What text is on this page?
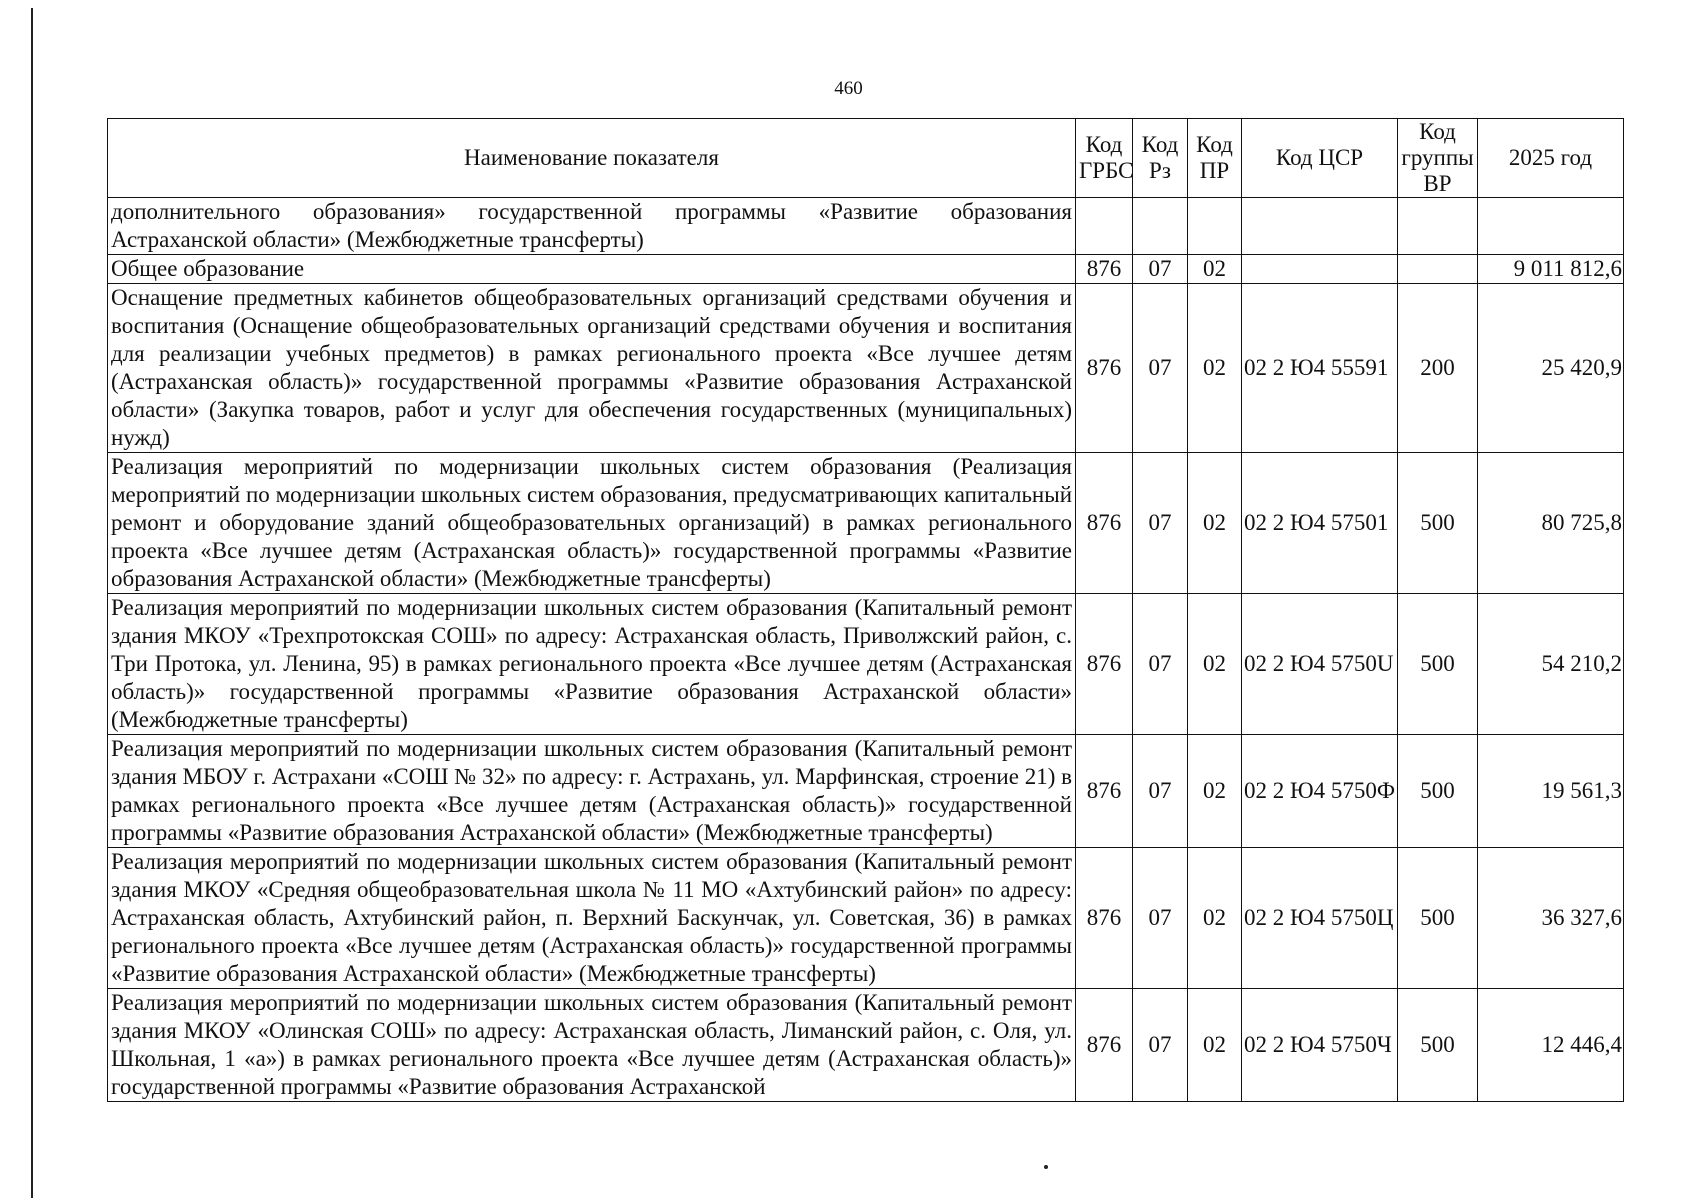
460
Наименование показателя	Код ГРБС	Код Рз	Код ПР	Код ЦСР	Код группы ВР	2025 год
дополнительного образования» государственной программы «Развитие образования Астраханской области» (Межбюджетные трансферты)						
Общее образование	876	07	02			9 011 812,6
Оснащение предметных кабинетов общеобразовательных организаций средствами обучения и воспитания (Оснащение общеобразовательных организаций средствами обучения и воспитания для реализации учебных предметов) в рамках регионального проекта «Все лучшее детям (Астраханская область)» государственной программы «Развитие образования Астраханской области» (Закупка товаров, работ и услуг для обеспечения государственных (муниципальных) нужд)	876	07	02	02 2 Ю4 55591	200	25 420,9
Реализация мероприятий по модернизации школьных систем образования (Реализация мероприятий по модернизации школьных систем образования, предусматривающих капитальный ремонт и оборудование зданий общеобразовательных организаций) в рамках регионального проекта «Все лучшее детям (Астраханская область)» государственной программы «Развитие образования Астраханской области» (Межбюджетные трансферты)	876	07	02	02 2 Ю4 57501	500	80 725,8
Реализация мероприятий по модернизации школьных систем образования (Капитальный ремонт здания МКОУ «Трехпротокская СОШ» по адресу: Астраханская область, Приволжский район, с. Три Протока, ул. Ленина, 95) в рамках регионального проекта «Все лучшее детям (Астраханская область)» государственной программы «Развитие образования Астраханской области» (Межбюджетные трансферты)	876	07	02	02 2 Ю4 5750U	500	54 210,2
Реализация мероприятий по модернизации школьных систем образования (Капитальный ремонт здания МБОУ г. Астрахани «СОШ № 32» по адресу: г. Астрахань, ул. Марфинская, строение 21) в рамках регионального проекта «Все лучшее детям (Астраханская область)» государственной программы «Развитие образования Астраханской области» (Межбюджетные трансферты)	876	07	02	02 2 Ю4 5750Ф	500	19 561,3
Реализация мероприятий по модернизации школьных систем образования (Капитальный ремонт здания МКОУ «Средняя общеобразовательная школа № 11 МО «Ахтубинский район» по адресу: Астраханская область, Ахтубинский район, п. Верхний Баскунчак, ул. Советская, 36) в рамках регионального проекта «Все лучшее детям (Астраханская область)» государственной программы «Развитие образования Астраханской области» (Межбюджетные трансферты)	876	07	02	02 2 Ю4 5750Ц	500	36 327,6
Реализация мероприятий по модернизации школьных систем образования (Капитальный ремонт здания МКОУ «Олинская СОШ» по адресу: Астраханская область, Лиманский район, с. Оля, ул. Школьная, 1 «а») в рамках регионального проекта «Все лучшее детям (Астраханская область)» государственной программы «Развитие образования Астраханской	876	07	02	02 2 Ю4 5750Ч	500	12 446,4
